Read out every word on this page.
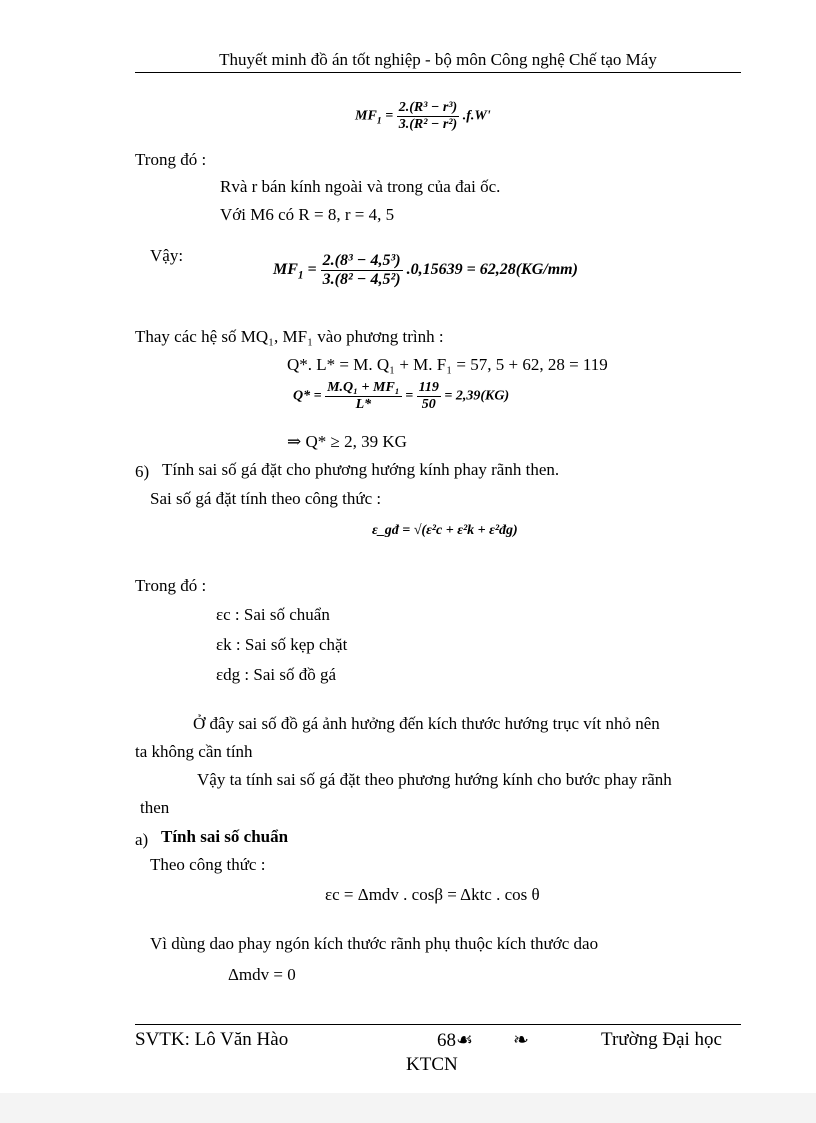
Thuyết minh đồ án tốt nghiệp - bộ môn Công nghệ Chế tạo Máy
$MF_1 = \frac{\text{2.(R³ − r³)}}{\text{3.(R² − r²)}} .f.W'$
Trong đó :
Rvà r bán kính ngoài và trong của đai ốc.
Với M6 có R = 8, r = 4, 5
Vậy:
$MF_1 = \frac{\text{2.(8³ − 4,5³)}}{\text{3.(8² − 4,5²)}} .0,15639 = 62,28(KG/mm)$
Thay các hệ số MQ₁, MF₁ vào phương trình :
Q*. L* = M. Q₁ + M. F₁ = 57, 5 + 62, 28 = 119
$Q* = \frac{\text{M.Q₁ + MF₁}}{L*} = \frac{119}{50} = 2,39(KG)$
⇒ Q* ≥ 2, 39 KG
6) Tính sai số gá đặt cho phương hướng kính phay rãnh then.
Sai số gá đặt tính theo công thức :
ε_gđ = √(ε²c + ε²k + ε²đg)
Trong đó :
εc : Sai số chuẩn
εk : Sai số kẹp chặt
εdg : Sai số đồ gá
Ở đây sai số đồ gá ảnh hưởng đến kích thước hướng trục vít nhỏ nên
ta không cần tính
Vậy ta tính sai số gá đặt theo phương hướng kính cho bước phay rãnh
then
a) Tính sai số chuẩn
Theo công thức :
εc = Δmdv . cosβ = Δktc . cos θ
Vì dùng dao phay ngón kích thước rãnh phụ thuộc kích thước dao
Δmdv = 0
SVTK: Lô Văn Hào	68☙ ❧	Trường Đại học
KTCN
